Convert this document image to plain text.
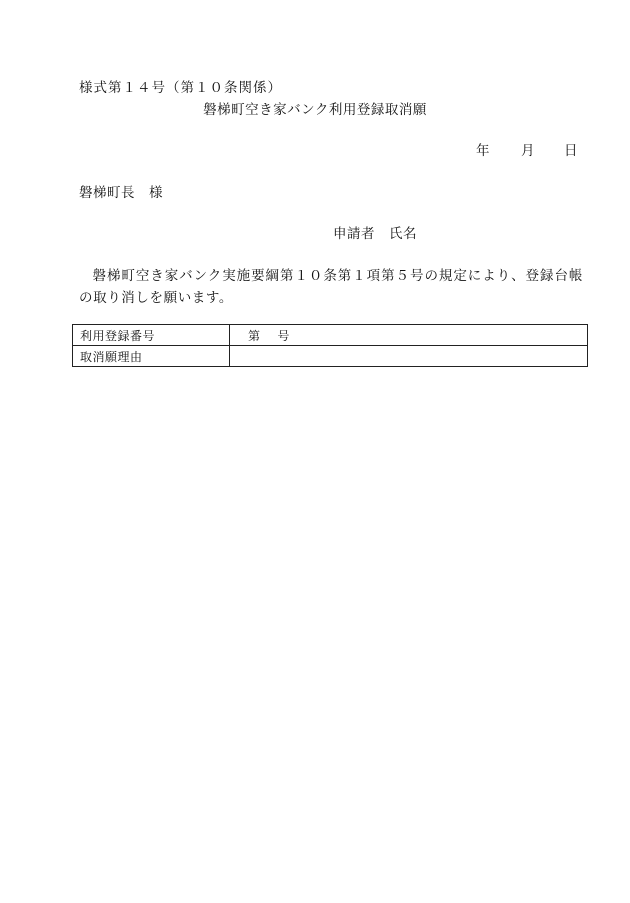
様式第１４号（第１０条関係）
磐梯町空き家バンク利用登録取消願
年 月 日
磐梯町長　様
申請者　氏名
磐梯町空き家バンク実施要綱第１０条第１項第５号の規定により、登録台帳の取り消しを願います。
利用登録番号	第　 号
取消願理由	
